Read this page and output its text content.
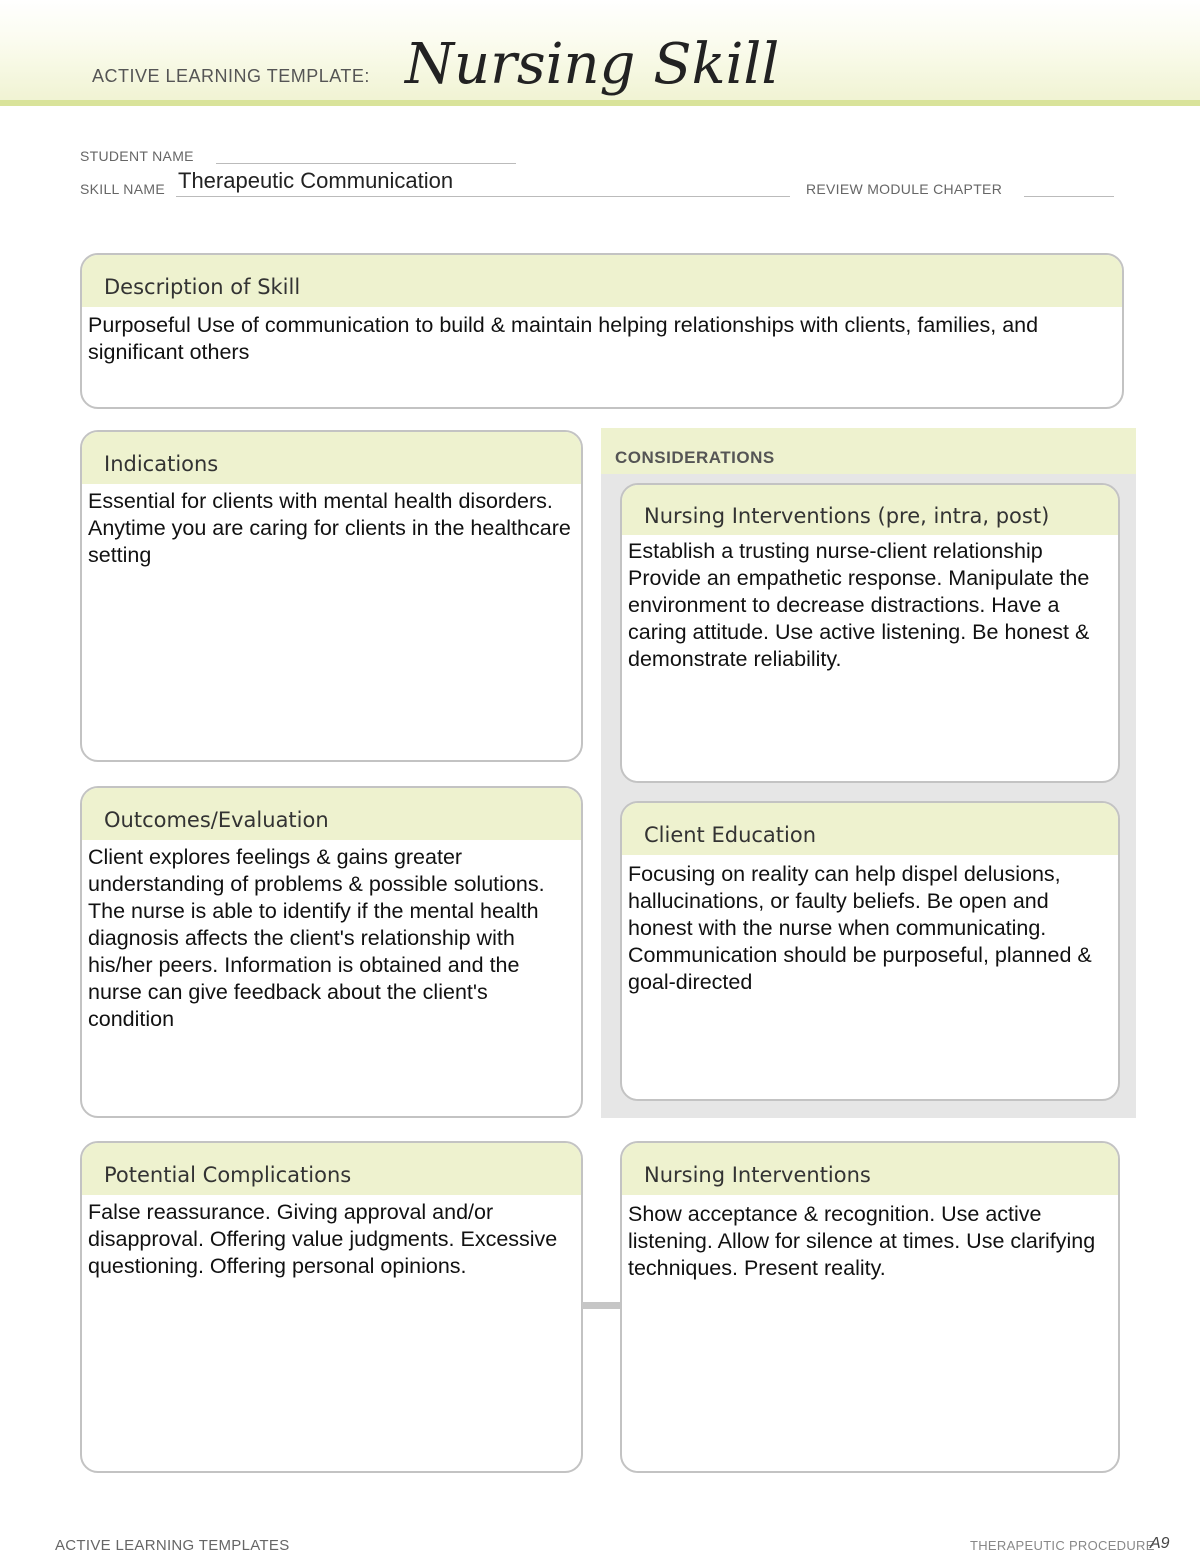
ACTIVE LEARNING TEMPLATE: Nursing Skill
STUDENT NAME
SKILL NAME Therapeutic Communication	REVIEW MODULE CHAPTER
Description of Skill
Purposeful Use of communication to build & maintain helping relationships with clients, families, and significant others
Indications
Essential for clients with mental health disorders. Anytime you are caring for clients in the healthcare setting
CONSIDERATIONS
Nursing Interventions (pre, intra, post)
Establish a trusting nurse-client relationship Provide an empathetic response. Manipulate the environment to decrease distractions. Have a caring attitude. Use active listening. Be honest & demonstrate reliability.
Client Education
Focusing on reality can help dispel delusions, hallucinations, or faulty beliefs. Be open and honest with the nurse when communicating. Communication should be purposeful, planned & goal-directed
Outcomes/Evaluation
Client explores feelings & gains greater understanding of problems & possible solutions. The nurse is able to identify if the mental health diagnosis affects the client's relationship with his/her peers. Information is obtained and the nurse can give feedback about the client's condition
Potential Complications
False reassurance. Giving approval and/or disapproval. Offering value judgments. Excessive questioning. Offering personal opinions.
Nursing Interventions
Show acceptance & recognition. Use active listening. Allow for silence at times. Use clarifying techniques. Present reality.
ACTIVE LEARNING TEMPLATES	THERAPEUTIC PROCEDURE
A9
